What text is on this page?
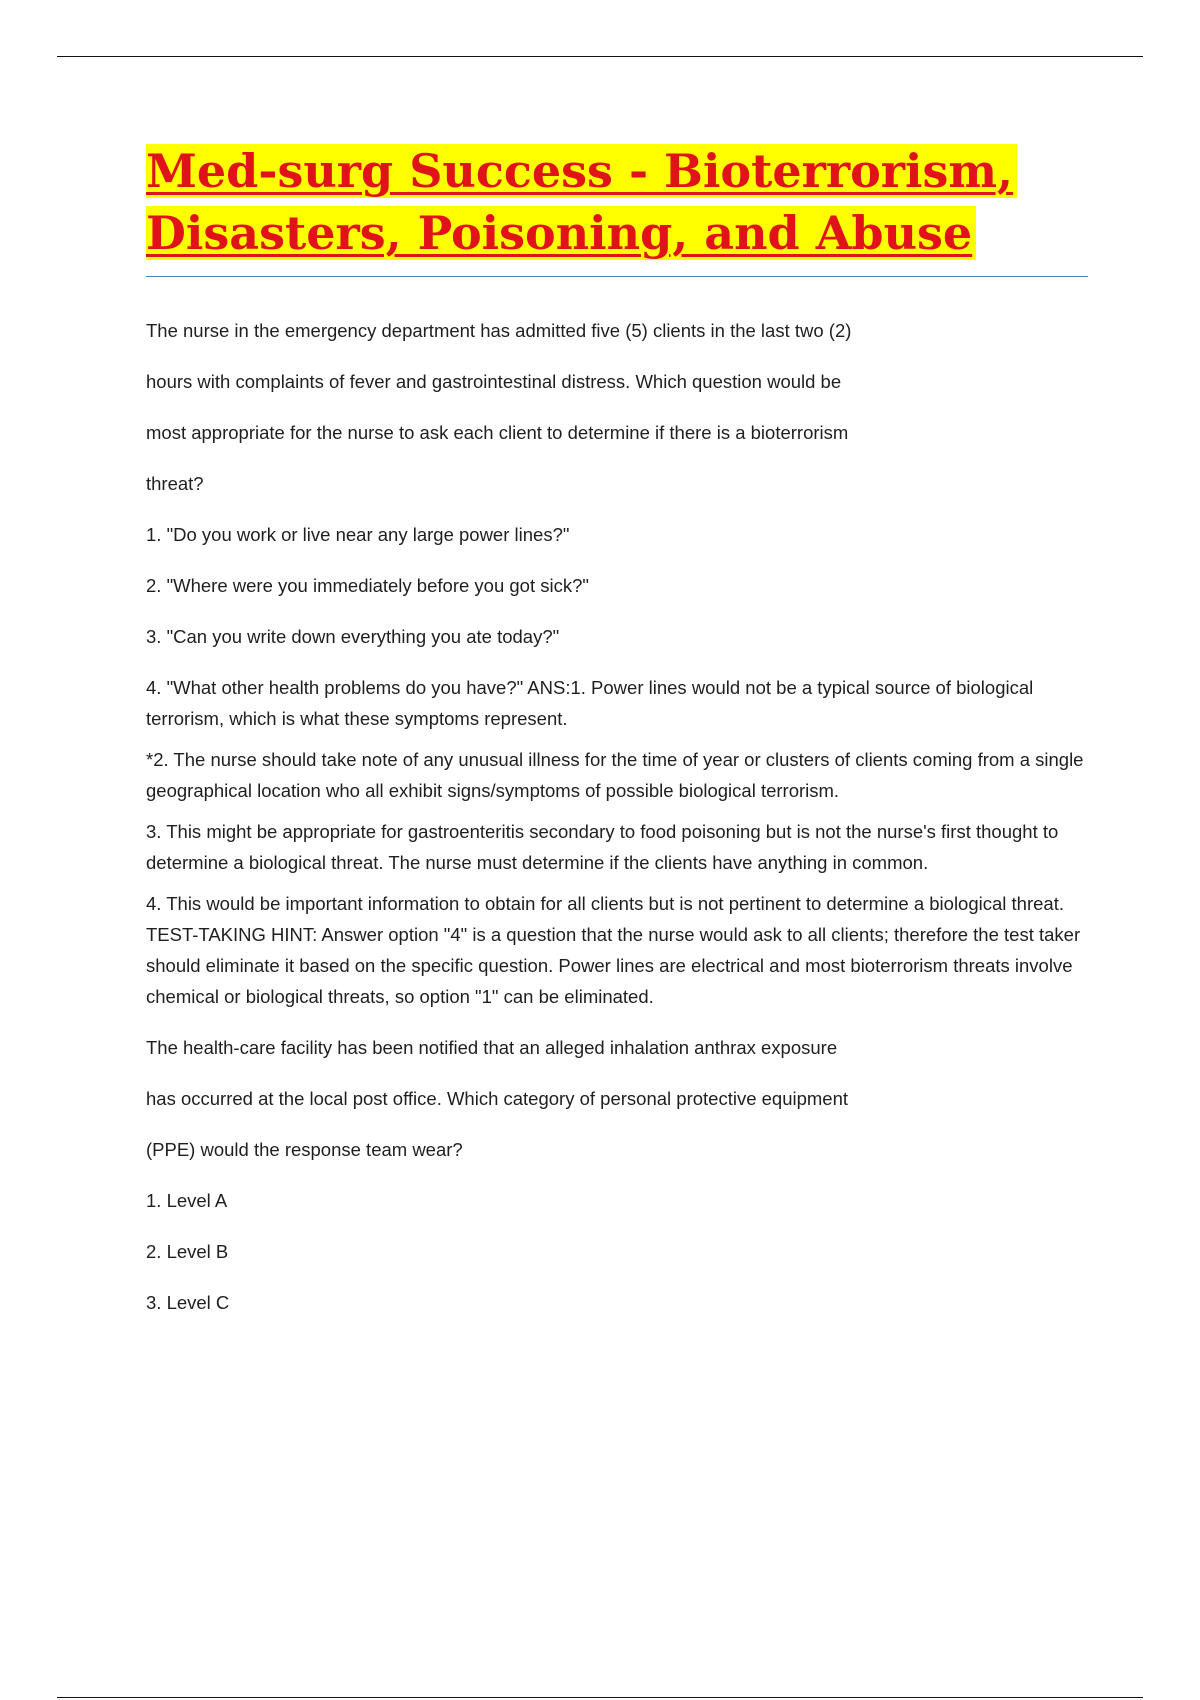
Med-surg Success - Bioterrorism,
Disasters, Poisoning, and Abuse
The nurse in the emergency department has admitted five (5) clients in the last two (2)
hours with complaints of fever and gastrointestinal distress. Which question would be
most appropriate for the nurse to ask each client to determine if there is a bioterrorism
threat?
1. "Do you work or live near any large power lines?"
2. "Where were you immediately before you got sick?"
3. "Can you write down everything you ate today?"
4. "What other health problems do you have?" ANS:1. Power lines would not be a typical source of biological terrorism, which is what these symptoms represent.
*2. The nurse should take note of any unusual illness for the time of year or clusters of clients coming from a single geographical location who all exhibit signs/symptoms of possible biological terrorism.
3. This might be appropriate for gastroenteritis secondary to food poisoning but is not the nurse's first thought to determine a biological threat. The nurse must determine if the clients have anything in common.
4. This would be important information to obtain for all clients but is not pertinent to determine a biological threat. TEST-TAKING HINT: Answer option "4" is a question that the nurse would ask to all clients; therefore the test taker should eliminate it based on the specific question. Power lines are electrical and most bioterrorism threats involve chemical or biological threats, so option "1" can be eliminated.
The health-care facility has been notified that an alleged inhalation anthrax exposure
has occurred at the local post office. Which category of personal protective equipment
(PPE) would the response team wear?
1. Level A
2. Level B
3. Level C
